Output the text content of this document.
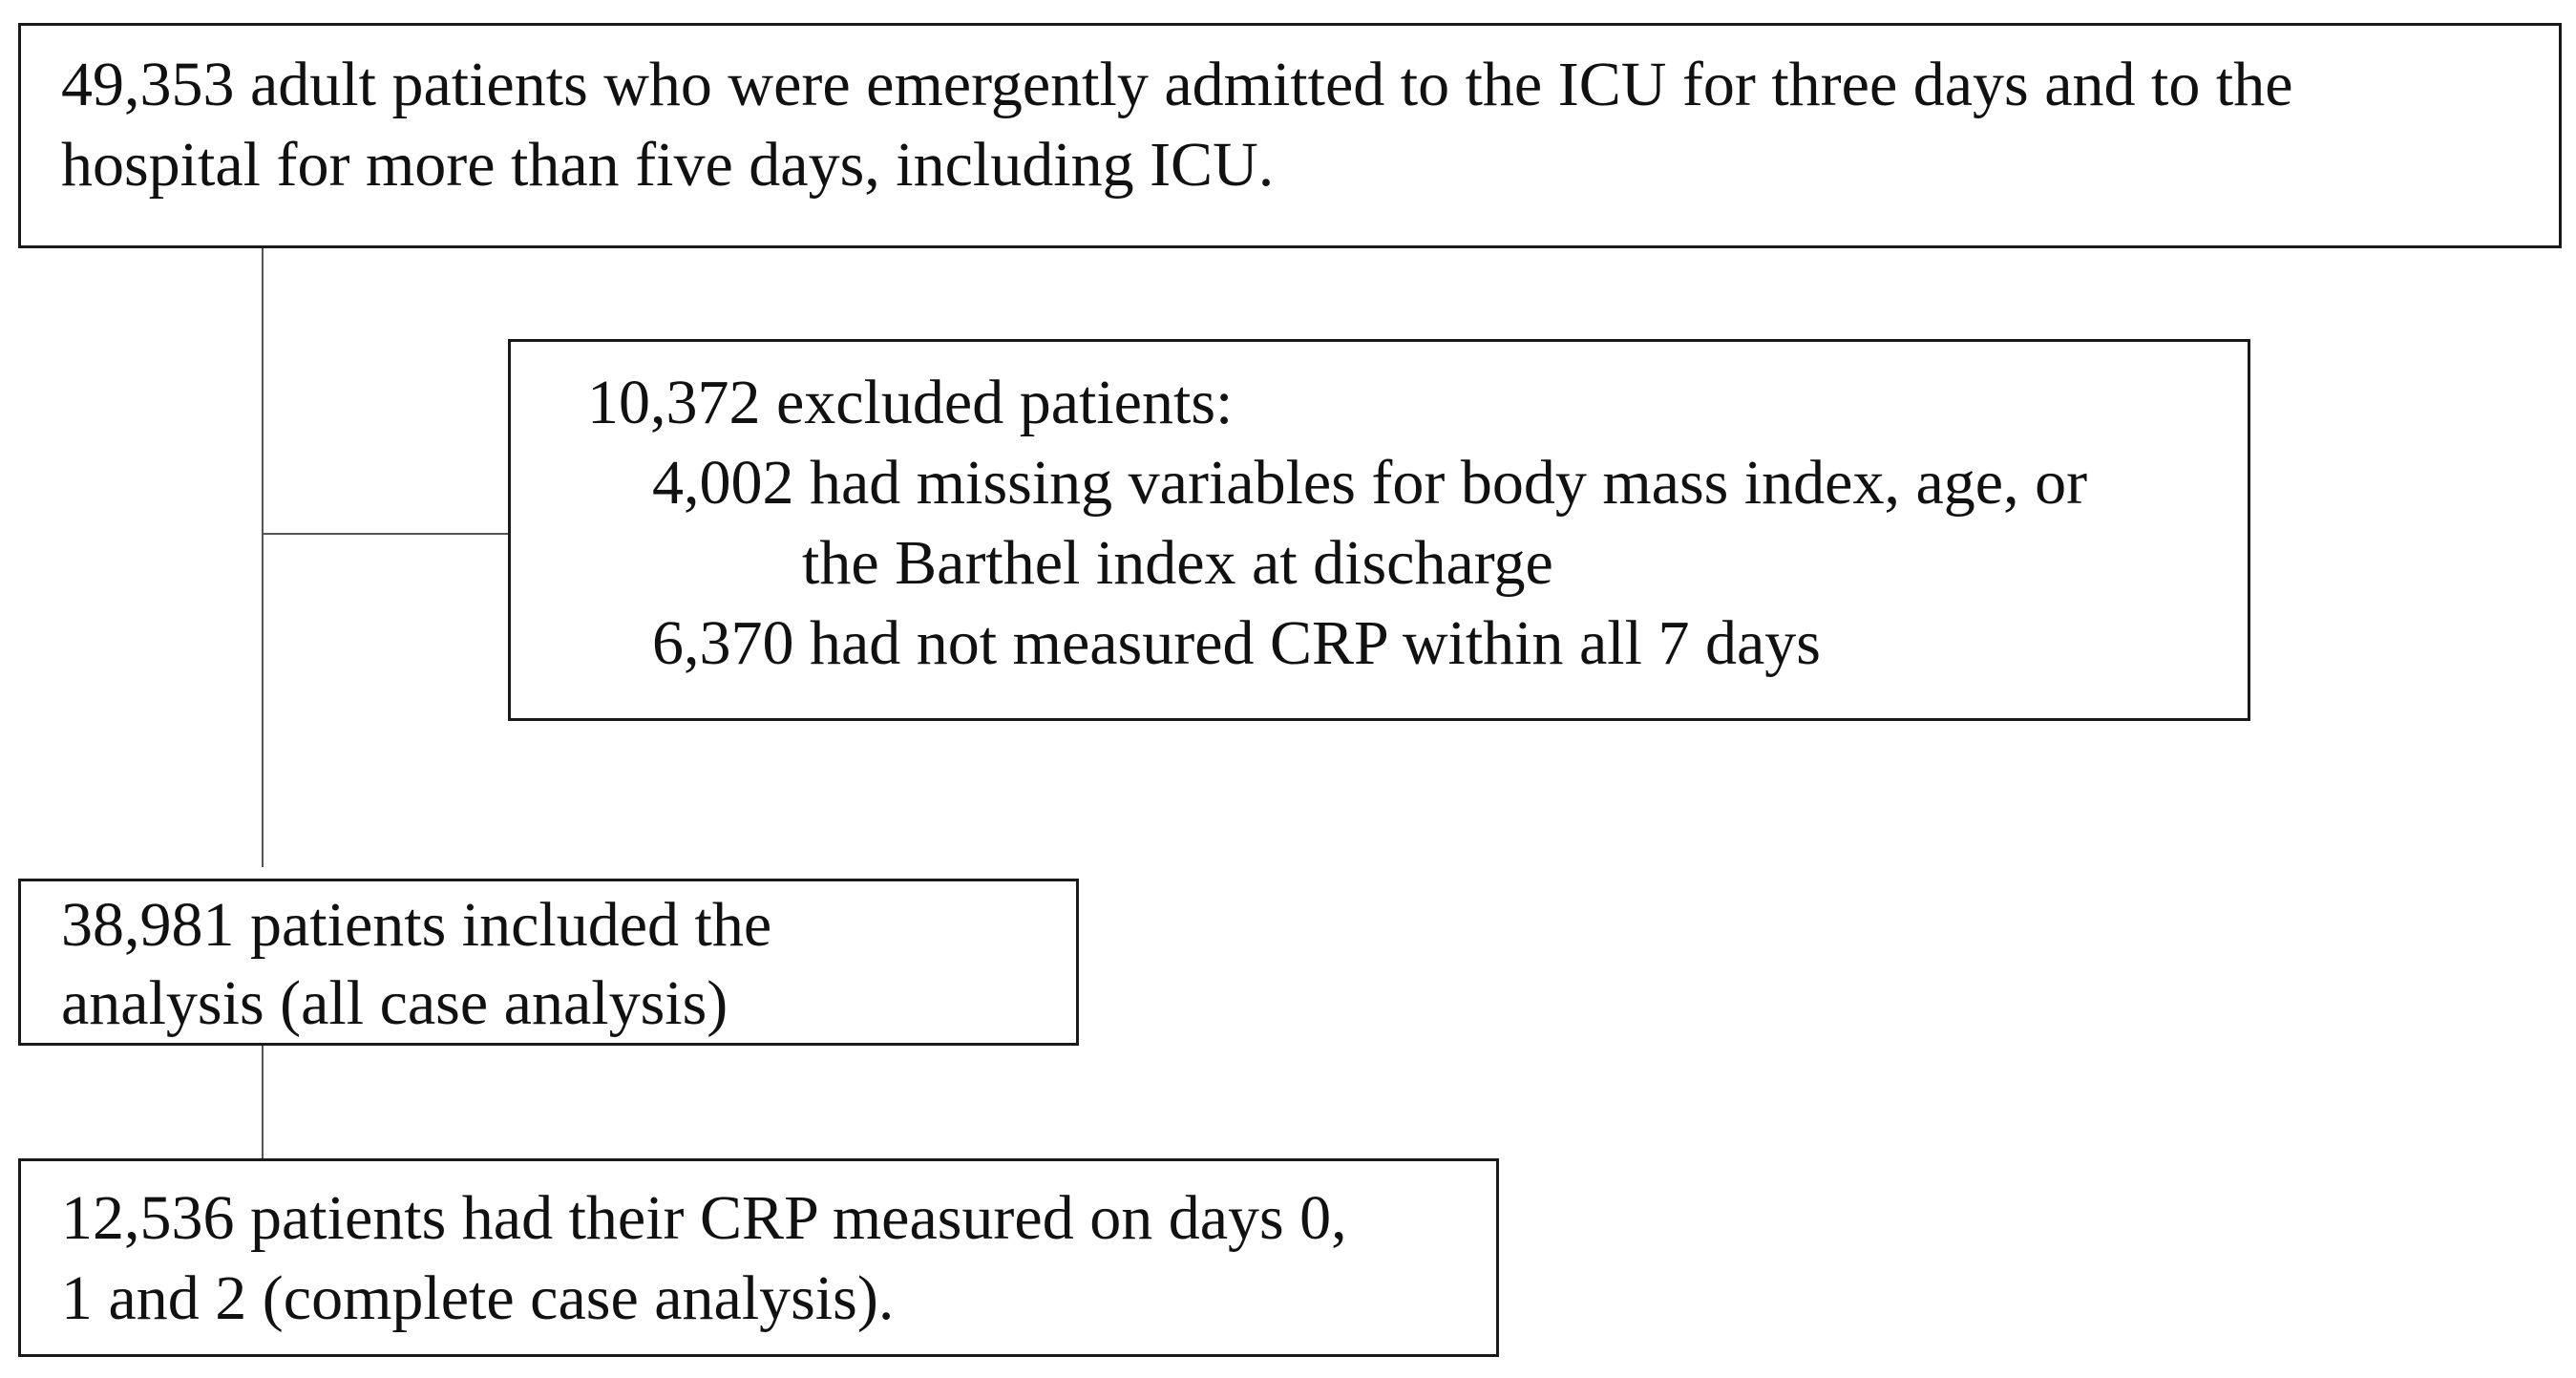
49,353 adult patients who were emergently admitted to the ICU for three days and to the
hospital for more than five days, including ICU.
10,372 excluded patients:
4,002 had missing variables for body mass index, age, or
the Barthel index at discharge
6,370 had not measured CRP within all 7 days
38,981 patients included the
analysis (all case analysis)
12,536 patients had their CRP measured on days 0,
1 and 2 (complete case analysis).
